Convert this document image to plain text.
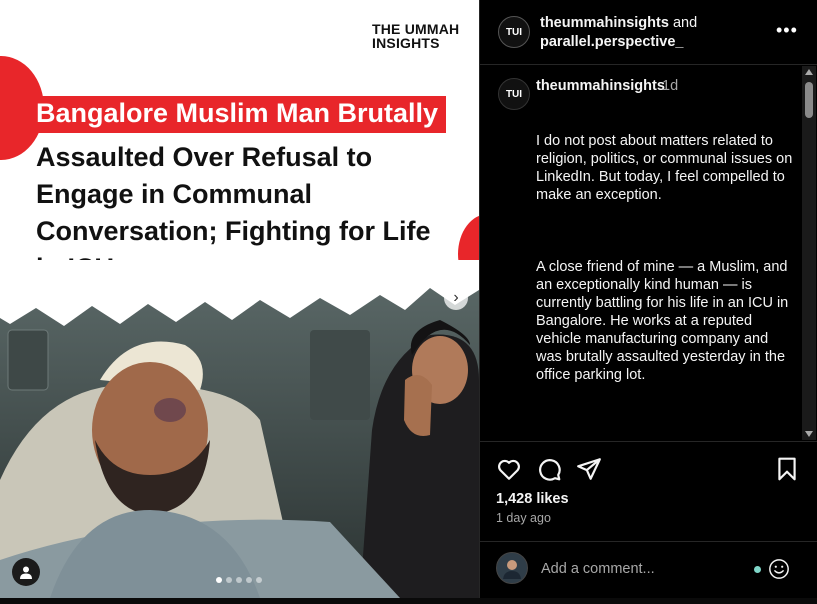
THE UMMAH
INSIGHTS
Bangalore Muslim Man Brutally
Assaulted Over Refusal to
Engage in Communal
Conversation; Fighting for Life
›
TUI
theummahinsights and
parallel.perspective_
•••
TUI theummahinsights
1d

I do not post about matters related to religion, politics, or communal issues on LinkedIn. But today, I feel compelled to make an exception.

A close friend of mine — a Muslim, and an exceptionally kind human — is currently battling for his life in an ICU in Bangalore. He works at a reputed vehicle manufacturing company and was brutally assaulted yesterday in the office parking lot.

1,428 likes
1 day ago
Add a comment...
